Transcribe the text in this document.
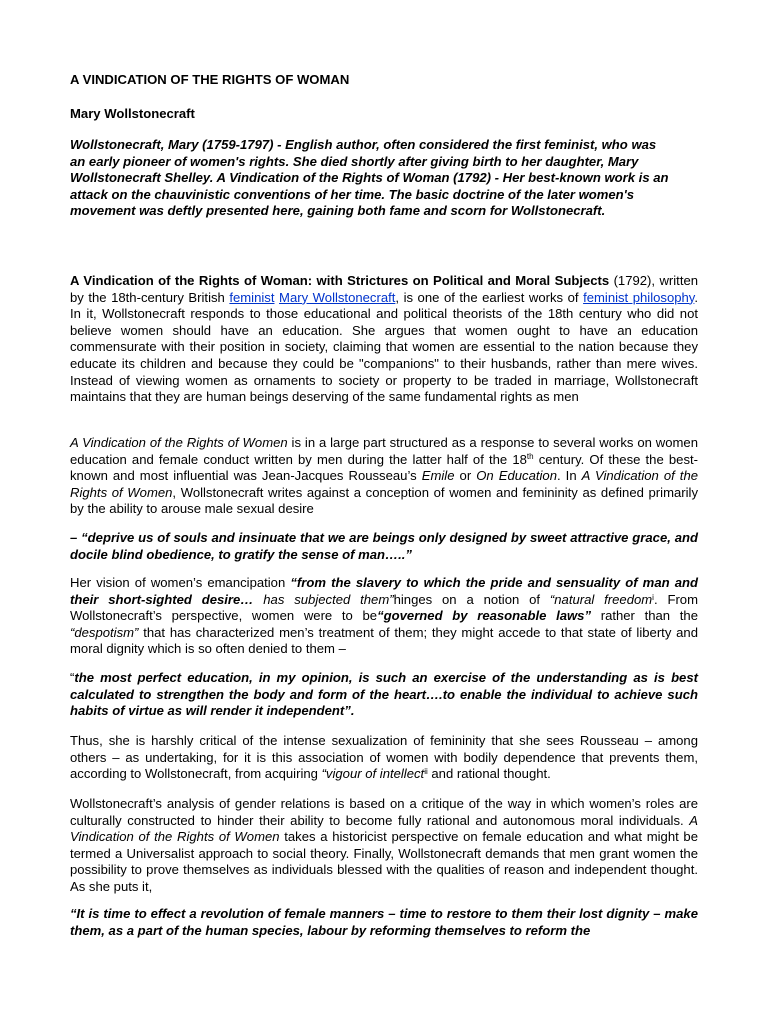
A VINDICATION OF THE RIGHTS OF WOMAN
Mary Wollstonecraft
Wollstonecraft, Mary (1759-1797) - English author, often considered the first feminist, who was an early pioneer of women's rights. She died shortly after giving birth to her daughter, Mary Wollstonecraft Shelley. A Vindication of the Rights of Woman (1792) - Her best-known work is an attack on the chauvinistic conventions of her time. The basic doctrine of the later women's movement was deftly presented here, gaining both fame and scorn for Wollstonecraft.
A Vindication of the Rights of Woman: with Strictures on Political and Moral Subjects (1792), written by the 18th-century British feminist Mary Wollstonecraft, is one of the earliest works of feminist philosophy. In it, Wollstonecraft responds to those educational and political theorists of the 18th century who did not believe women should have an education. She argues that women ought to have an education commensurate with their position in society, claiming that women are essential to the nation because they educate its children and because they could be "companions" to their husbands, rather than mere wives. Instead of viewing women as ornaments to society or property to be traded in marriage, Wollstonecraft maintains that they are human beings deserving of the same fundamental rights as men
A Vindication of the Rights of Women is in a large part structured as a response to several works on women education and female conduct written by men during the latter half of the 18th century. Of these the best-known and most influential was Jean-Jacques Rousseau’s Emile or On Education. In A Vindication of the Rights of Women, Wollstonecraft writes against a conception of women and femininity as defined primarily by the ability to arouse male sexual desire
– “deprive us of souls and insinuate that we are beings only designed by sweet attractive grace, and docile blind obedience, to gratify the sense of man…..”
Her vision of women’s emancipation “from the slavery to which the pride and sensuality of man and their short-sighted desire… has subjected them”hinges on a notion of “natural freedom$^i$. From Wollstonecraft’s perspective, women were to be“governed by reasonable laws” rather than the “despotism” that has characterized men’s treatment of them; they might accede to that state of liberty and moral dignity which is so often denied to them –
“the most perfect education, in my opinion, is such an exercise of the understanding as is best calculated to strengthen the body and form of the heart….to enable the individual to achieve such habits of virtue as will render it independent”.
Thus, she is harshly critical of the intense sexualization of femininity that she sees Rousseau – among others – as undertaking, for it is this association of women with bodily dependence that prevents them, according to Wollstonecraft, from acquiring “vigour of intellect$^{ii}$ and rational thought.
Wollstonecraft’s analysis of gender relations is based on a critique of the way in which women’s roles are culturally constructed to hinder their ability to become fully rational and autonomous moral individuals. A Vindication of the Rights of Women takes a historicist perspective on female education and what might be termed a Universalist approach to social theory. Finally, Wollstonecraft demands that men grant women the possibility to prove themselves as individuals blessed with the qualities of reason and independent thought. As she puts it,
“It is time to effect a revolution of female manners – time to restore to them their lost dignity – make them, as a part of the human species, labour by reforming themselves to reform the
